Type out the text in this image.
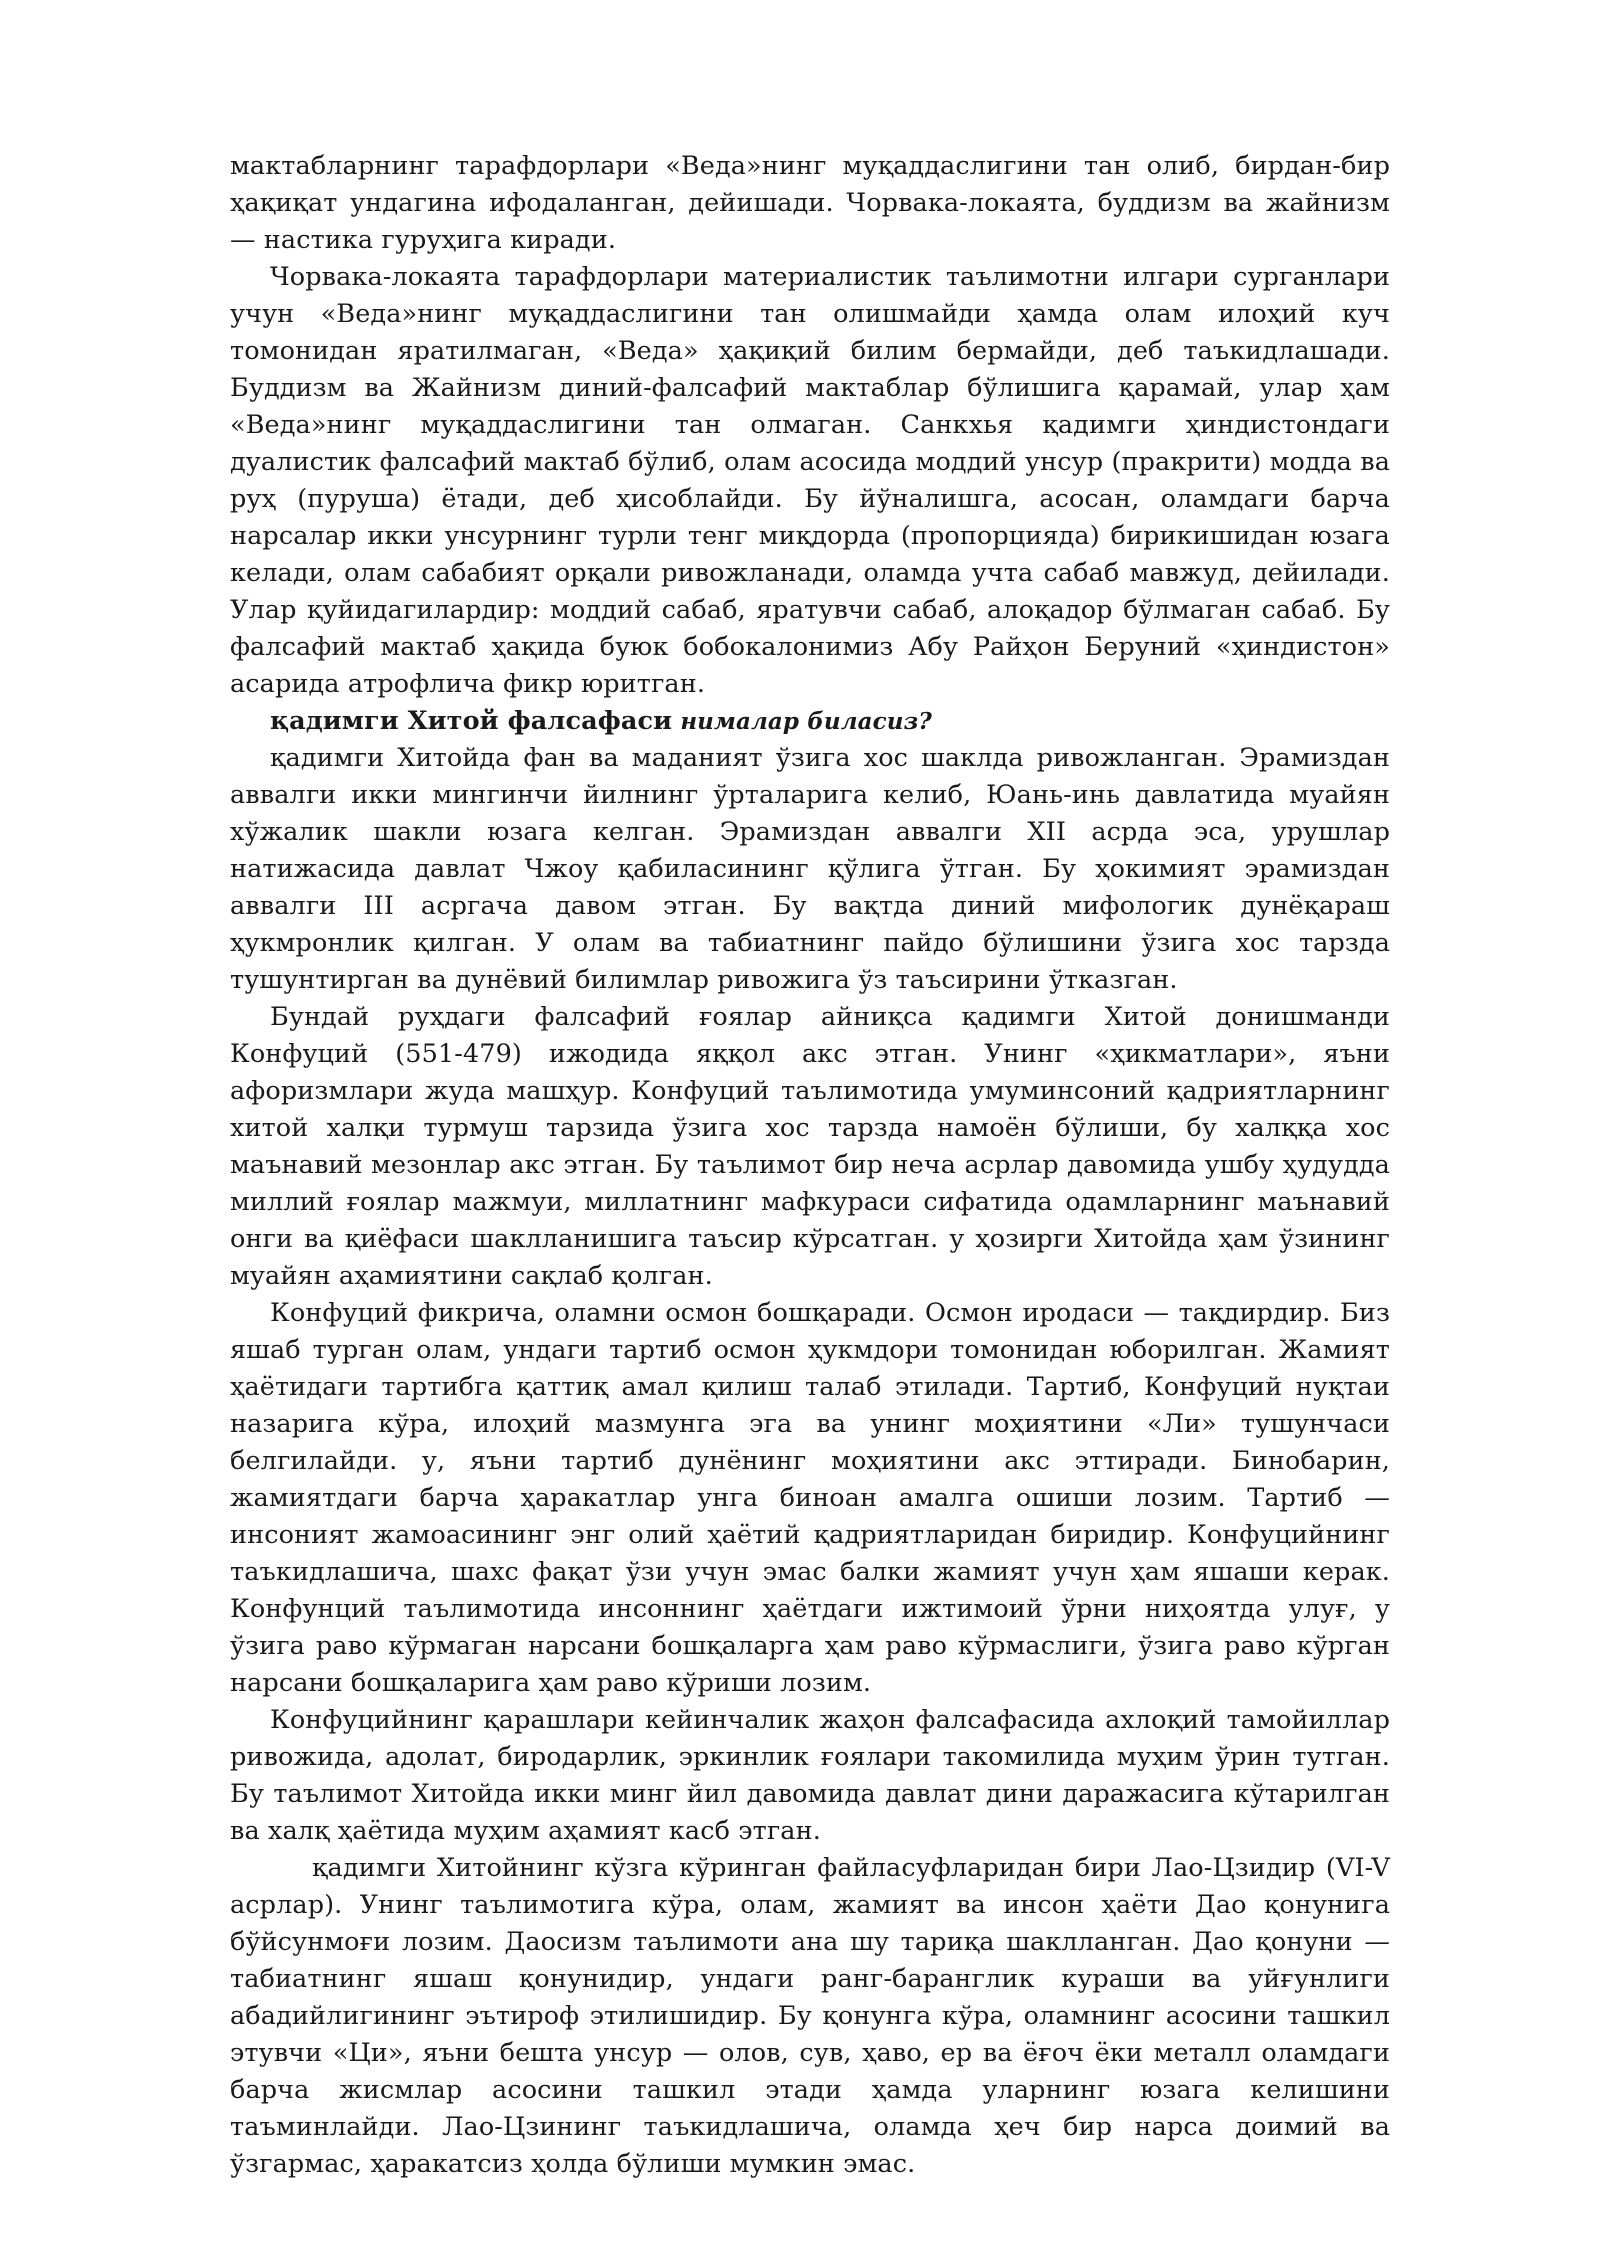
мактабларнинг тарафдорлари «Веда»нинг муқаддаслигини тан олиб, бирдан-бир ҳақиқат ундагина ифодаланган, дейишади. Чорвака-локаята, буддизм ва жайнизм — настика гуруҳига киради.

Чорвака-локаята тарафдорлари материалистик таълимотни илгари сурганлари учун «Веда»нинг муқаддаслигини тан олишмайди ҳамда олам илоҳий куч томонидан яратилмаган, «Веда» ҳақиқий билим бермайди, деб таъкидлашади. Буддизм ва Жайнизм диний-фалсафий мактаблар бўлишига қарамай, улар ҳам «Веда»нинг муқаддаслигини тан олмаган. Санкхья қадимги ҳиндистондаги дуалистик фалсафий мактаб бўлиб, олам асосида моддий унсур (пракрити) модда ва руҳ (пуруша) ётади, деб ҳисоблайди. Бу йўналишга, асосан, оламдаги барча нарсалар икки унсурнинг турли тенг миқдорда (пропорцияда) бирикишидан юзага келади, олам сабабият орқали ривожланади, оламда учта сабаб мавжуд, дейилади. Улар қуйидагилардир: моддий сабаб, яратувчи сабаб, алоқадор бўлмаган сабаб. Бу фалсафий мактаб ҳақида буюк бобокалонимиз Абу Райҳон Беруний «ҳиндистон» асарида атрофлича фикр юритган.

қадимги Хитой фалсафаси нималар биласиз?

қадимги Хитойда фан ва маданият ўзига хос шаклда ривожланган. Эрамиздан аввалги икки мингинчи йилнинг ўрталарига келиб, Юань-инь давлатида муайян хўжалик шакли юзага келган. Эрамиздан аввалги XII асрда эса, урушлар натижасида давлат Чжоу қабиласининг қўлига ўтган. Бу ҳокимият эрамиздан аввалги III асргача давом этган. Бу вақтда диний мифологик дунёқараш ҳукмронлик қилган. У олам ва табиатнинг пайдо бўлишини ўзига хос тарзда тушунтирган ва дунёвий билимлар ривожига ўз таъсирини ўтказган.

Бундай руҳдаги фалсафий ғоялар айниқса қадимги Хитой донишманди Конфуций (551-479) ижодида яққол акс этган. Унинг «ҳикматлари», яъни афоризмлари жуда машҳур. Конфуций таълимотида умуминсоний қадриятларнинг хитой халқи турмуш тарзида ўзига хос тарзда намоён бўлиши, бу халққа хос маънавий мезонлар акс этган. Бу таълимот бир неча асрлар давомида ушбу ҳудудда миллий ғоялар мажмуи, миллатнинг мафкураси сифатида одамларнинг маънавий онги ва қиёфаси шаклланишига таъсир кўрсатган. у ҳозирги Хитойда ҳам ўзининг муайян аҳамиятини сақлаб қолган.

Конфуций фикрича, оламни осмон бошқаради. Осмон иродаси — тақдирдир. Биз яшаб турган олам, ундаги тартиб осмон ҳукмдори томонидан юборилган. Жамият ҳаётидаги тартибга қаттиқ амал қилиш талаб этилади. Тартиб, Конфуций нуқтаи назарига кўра, илоҳий мазмунга эга ва унинг моҳиятини «Ли» тушунчаси белгилайди. у, яъни тартиб дунёнинг моҳиятини акс эттиради. Бинобарин, жамиятдаги барча ҳаракатлар унга биноан амалга ошиши лозим. Тартиб — инсоният жамоасининг энг олий ҳаётий қадриятларидан биридир. Конфуцийнинг таъкидлашича, шахс фақат ўзи учун эмас балки жамият учун ҳам яшаши керак. Конфунций таълимотида инсоннинг ҳаётдаги ижтимоий ўрни ниҳоятда улуғ, у ўзига раво кўрмаган нарсани бошқаларга ҳам раво кўрмаслиги, ўзига раво кўрган нарсани бошқаларига ҳам раво кўриши лозим.

Конфуцийнинг қарашлари кейинчалик жаҳон фалсафасида ахлоқий тамойиллар ривожида, адолат, биродарлик, эркинлик ғоялари такомилида муҳим ўрин тутган. Бу таълимот Хитойда икки минг йил давомида давлат дини даражасига кўтарилган ва халқ ҳаётида муҳим аҳамият касб этган.

қадимги Хитойнинг кўзга кўринган файласуфларидан бири Лао-Цзидир (VI-V асрлар). Унинг таълимотига кўра, олам, жамият ва инсон ҳаёти Дао қонунига бўйсунмоғи лозим. Даосизм таълимоти ана шу тариқа шаклланган. Дао қонуни — табиатнинг яшаш қонунидир, ундаги ранг-баранглик кураши ва уйғунлиги абадийлигининг эътироф этилишидир. Бу қонунга кўра, оламнинг асосини ташкил этувчи «Ци», яъни бешта унсур — олов, сув, ҳаво, ер ва ёғоч ёки металл оламдаги барча жисмлар асосини ташкил этади ҳамда уларнинг юзага келишини таъминлайди. Лао-Цзининг таъкидлашича, оламда ҳеч бир нарса доимий ва ўзгармас, ҳаракатсиз ҳолда бўлиши мумкин эмас.
